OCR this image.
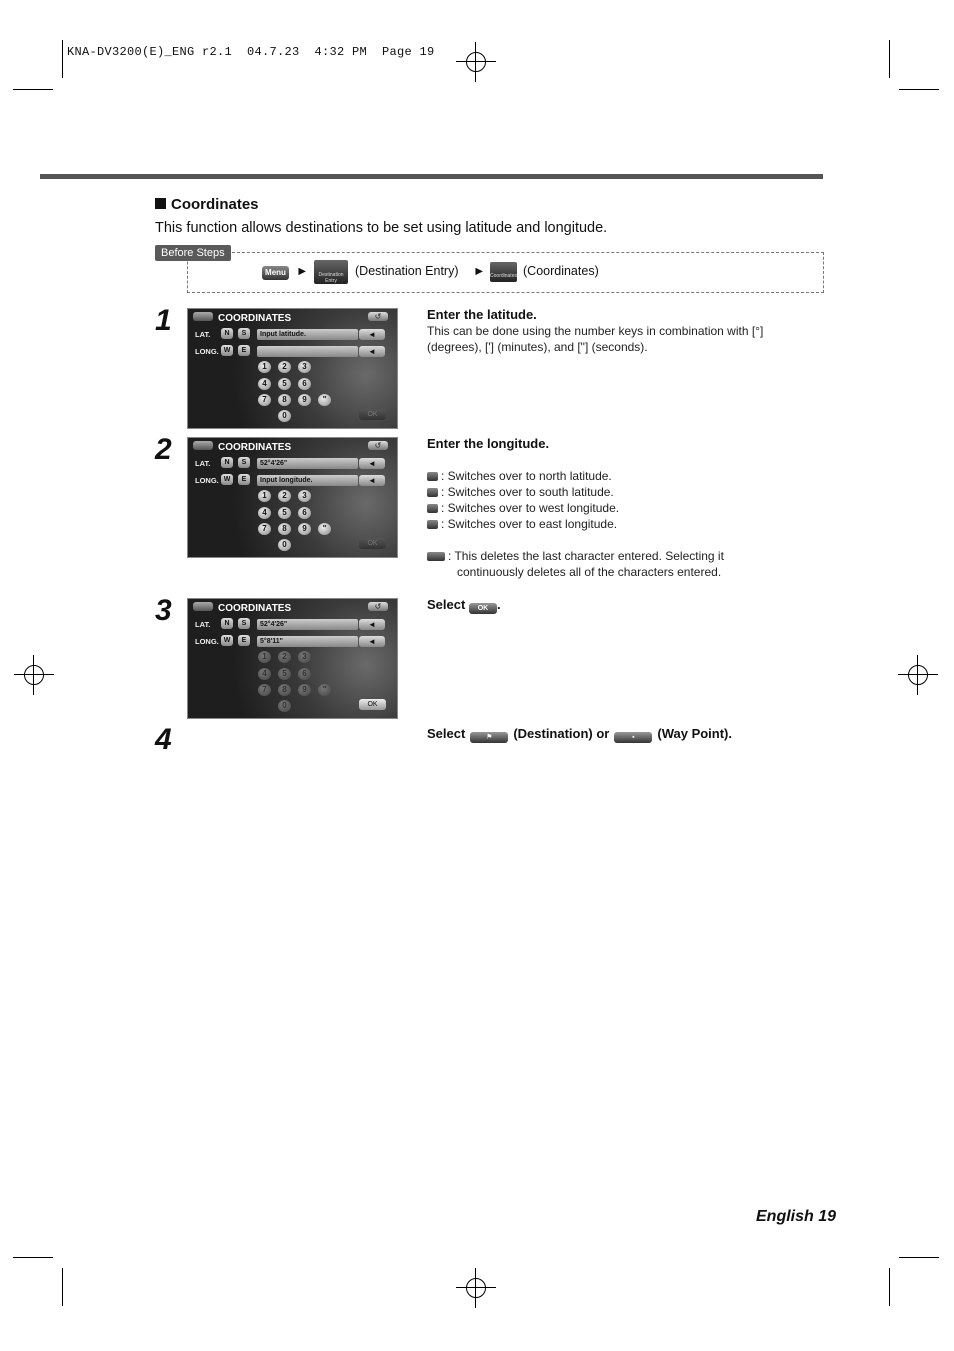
KNA-DV3200(E)_ENG r2.1  04.7.23  4:32 PM  Page 19
Coordinates
This function allows destinations to be set using latitude and longitude.
Before Steps
Menu ►	Destination Entry
(Destination Entry) ► Coordinates (Coordinates)
1
2
3
4
COORDINATES	↺
LAT.
LONG.
N	S
W	E
Input latitude.	◄
◄
1	2	3
4	5	6
7	8	9	"
0	OK
COORDINATES	↺
LAT.
LONG.
N	S
W	E
52°4'26"
Input longitude.
◄
◄
1	2	3
4	5	6
7	8	9	"
0	OK
COORDINATES	↺
LAT.
LONG.
N	S
W	E
52°4'26"
5°8'11"
◄
◄
1	2	3
4	5	6
7	8	9	"
0	OK
Enter the latitude.
This can be done using the number keys in combination with [°]
(degrees), ['] (minutes), and ["] (seconds).
Enter the longitude.
: Switches over to north latitude.
: Switches over to south latitude.
: Switches over to west longitude.
: Switches over to east longitude.
: This deletes the last character entered. Selecting it
continuously deletes all of the characters entered.
Select OK .
Select	⚑ (Destination) or	▪ (Way Point).
English 19
